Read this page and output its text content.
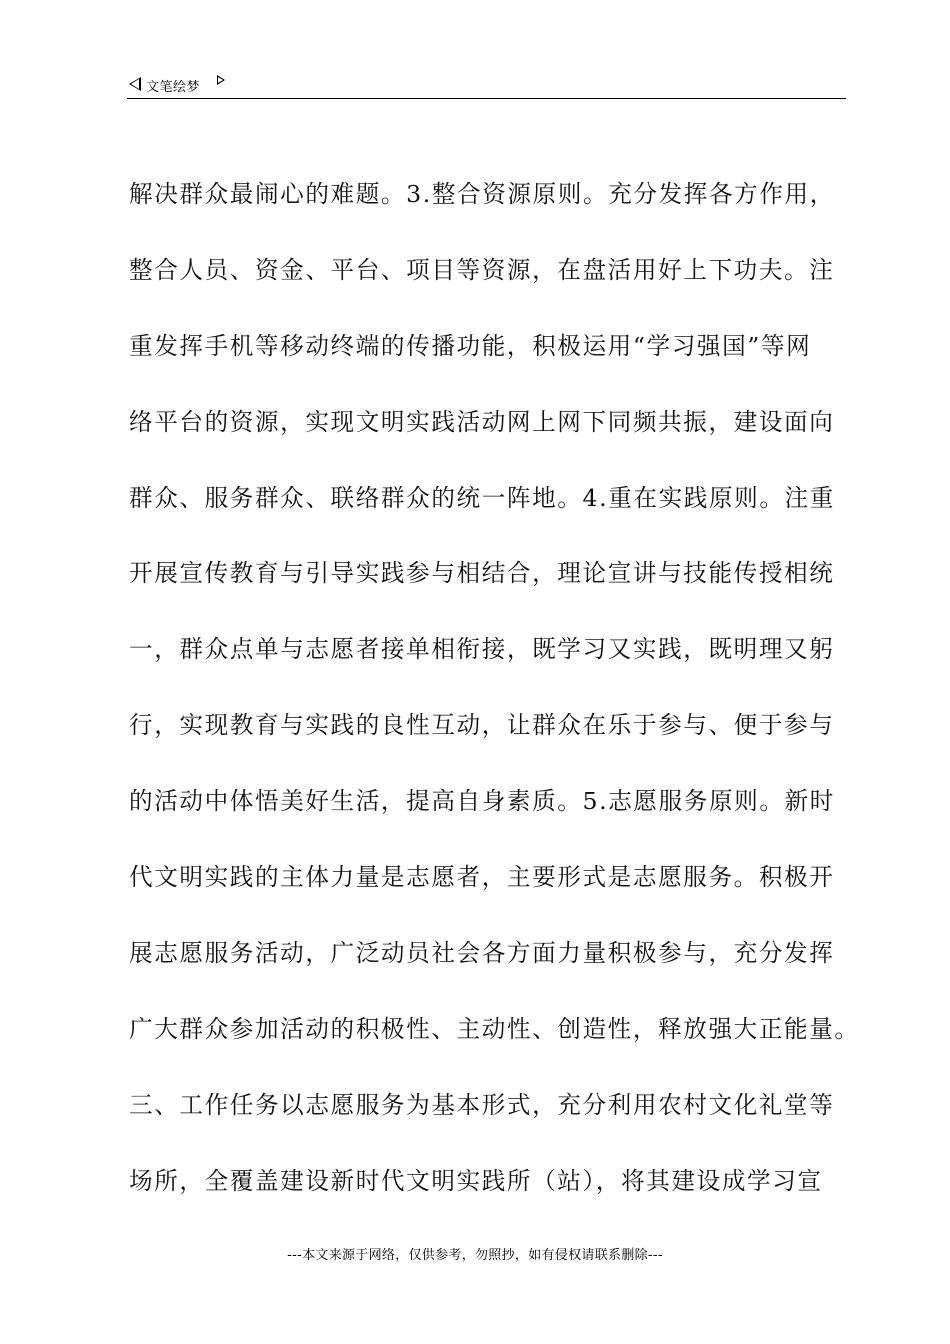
文笔绘梦
解决群众最闹心的难题。3.整合资源原则。充分发挥各方作用，
整合人员、资金、平台、项目等资源，在盘活用好上下功夫。注
重发挥手机等移动终端的传播功能，积极运用“学习强国”等网
络平台的资源，实现文明实践活动网上网下同频共振，建设面向
群众、服务群众、联络群众的统一阵地。4.重在实践原则。注重
开展宣传教育与引导实践参与相结合，理论宣讲与技能传授相统
一，群众点单与志愿者接单相衔接，既学习又实践，既明理又躬
行，实现教育与实践的良性互动，让群众在乐于参与、便于参与
的活动中体悟美好生活，提高自身素质。5.志愿服务原则。新时
代文明实践的主体力量是志愿者，主要形式是志愿服务。积极开
展志愿服务活动，广泛动员社会各方面力量积极参与，充分发挥
广大群众参加活动的积极性、主动性、创造性，释放强大正能量。
三、工作任务以志愿服务为基本形式，充分利用农村文化礼堂等
场所，全覆盖建设新时代文明实践所（站），将其建设成学习宣
---本文来源于网络，仅供参考，勿照抄，如有侵权请联系删除---
